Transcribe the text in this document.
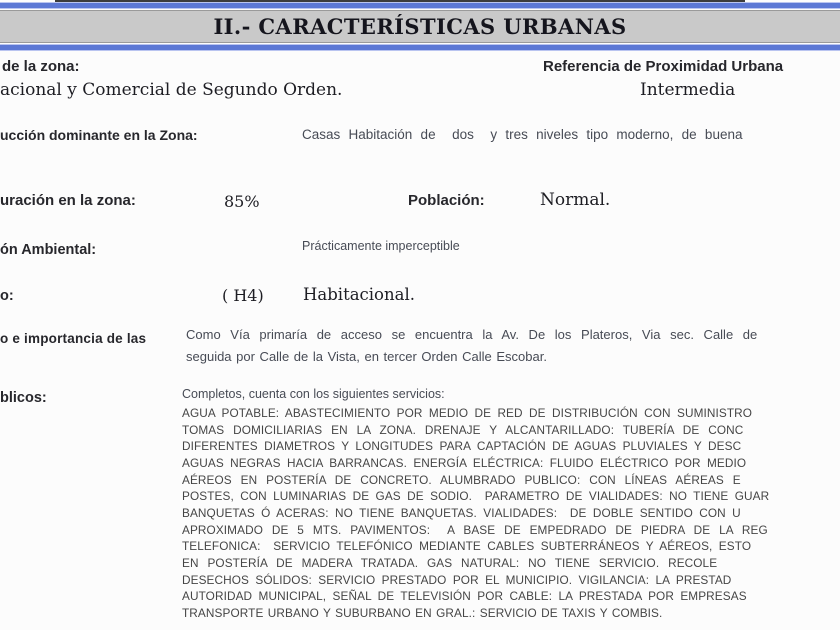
II.- CARACTERÍSTICAS URBANAS
de la zona:	Referencia de Proximidad Urbana
acional y Comercial de Segundo Orden.	Intermedia
ucción dominante en la Zona:	Casas Habitación de  dos  y tres niveles tipo moderno, de buena
uración en la zona:	85%	Población:	Normal.
ón Ambiental:	Prácticamente imperceptible
o:	( H4) Habitacional.
o e importancia de las	Como Vía primaría de acceso se encuentra la Av. De los Plateros, Via sec. Calle de
seguida por Calle de la Vista, en tercer Orden Calle Escobar.
blicos:	Completos, cuenta con los siguientes servicios:

AGUA POTABLE: ABASTECIMIENTO POR MEDIO DE RED DE DISTRIBUCIÓN CON SUMINISTRO

TOMAS DOMICILIARIAS EN LA ZONA. DRENAJE Y ALCANTARILLADO: TUBERÍA DE CONC

DIFERENTES DIAMETROS Y LONGITUDES PARA CAPTACIÓN DE AGUAS PLUVIALES Y DESC

AGUAS NEGRAS HACIA BARRANCAS. ENERGÍA ELÉCTRICA: FLUIDO ELÉCTRICO POR MEDIO

AÉREOS EN POSTERÍA DE CONCRETO. ALUMBRADO PUBLICO: CON LÍNEAS AÉREAS E

POSTES, CON LUMINARIAS DE GAS DE SODIO.  PARAMETRO DE VIALIDADES: NO TIENE GUAR

BANQUETAS Ó ACERAS: NO TIENE BANQUETAS. VIALIDADES:  DE DOBLE SENTIDO CON U

APROXIMADO DE 5 MTS. PAVIMENTOS:  A BASE DE EMPEDRADO DE PIEDRA DE LA REG

TELEFONICA:  SERVICIO TELEFÓNICO MEDIANTE CABLES SUBTERRÁNEOS Y AÉREOS, ESTO

EN POSTERÍA DE MADERA TRATADA. GAS NATURAL: NO TIENE SERVICIO. RECOLE

DESECHOS SÓLIDOS: SERVICIO PRESTADO POR EL MUNICIPIO. VIGILANCIA: LA PRESTAD

AUTORIDAD MUNICIPAL, SEÑAL DE TELEVISIÓN POR CABLE: LA PRESTADA POR EMPRESAS

TRANSPORTE URBANO Y SUBURBANO EN GRAL.: SERVICIO DE TAXIS Y COMBIS.
